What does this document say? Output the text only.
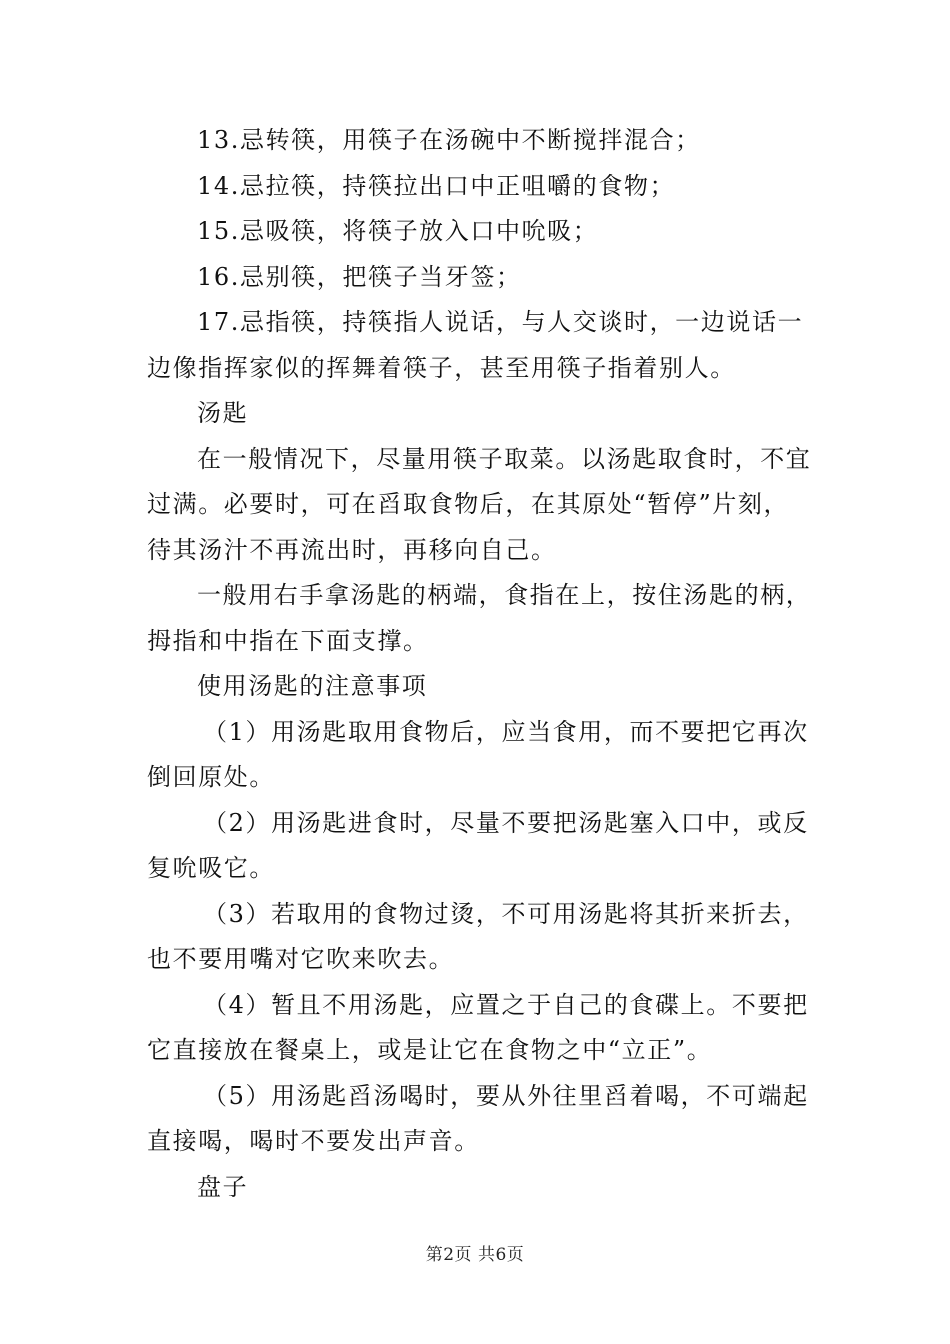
13.忌转筷，用筷子在汤碗中不断搅拌混合；

14.忌拉筷，持筷拉出口中正咀嚼的食物；

15.忌吸筷，将筷子放入口中吮吸；

16.忌别筷，把筷子当牙签；

17.忌指筷，持筷指人说话，与人交谈时，一边说话一边像指挥家似的挥舞着筷子，甚至用筷子指着别人。

汤匙

在一般情况下，尽量用筷子取菜。以汤匙取食时，不宜过满。必要时，可在舀取食物后，在其原处“暂停”片刻，待其汤汁不再流出时，再移向自己。

一般用右手拿汤匙的柄端，食指在上，按住汤匙的柄，拇指和中指在下面支撑。

使用汤匙的注意事项

（1）用汤匙取用食物后，应当食用，而不要把它再次倒回原处。

（2）用汤匙进食时，尽量不要把汤匙塞入口中，或反复吮吸它。

（3）若取用的食物过烫，不可用汤匙将其折来折去，也不要用嘴对它吹来吹去。

（4）暂且不用汤匙，应置之于自己的食碟上。不要把它直接放在餐桌上，或是让它在食物之中“立正”。

（5）用汤匙舀汤喝时，要从外往里舀着喝，不可端起直接喝，喝时不要发出声音。

盘子

第2页 共6页
